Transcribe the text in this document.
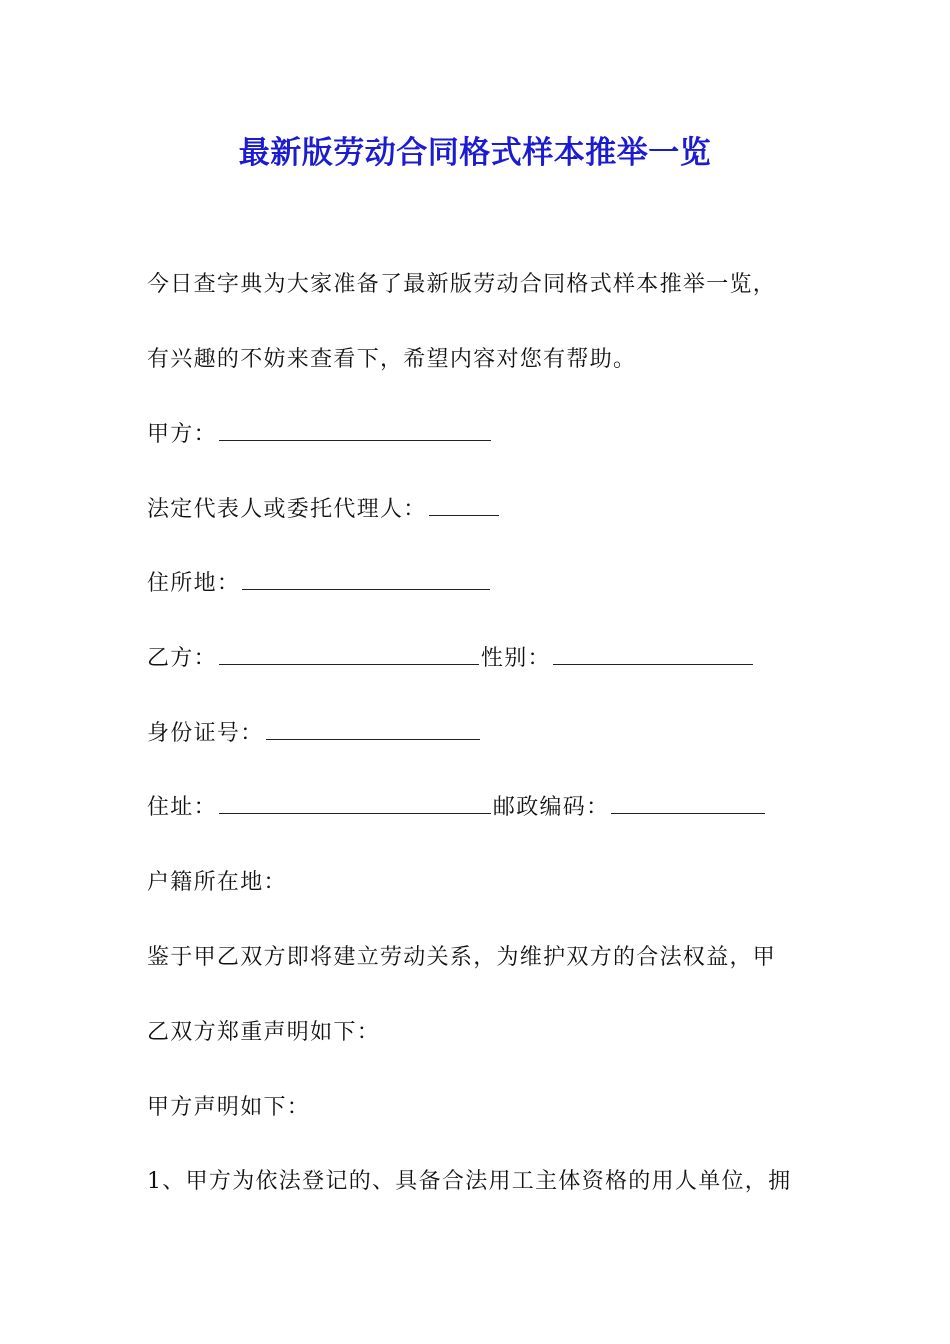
最新版劳动合同格式样本推举一览
今日查字典为大家准备了最新版劳动合同格式样本推举一览，
有兴趣的不妨来查看下，希望内容对您有帮助。
甲方：
法定代表人或委托代理人：
住所地：
乙方：	性别：
身份证号：
住址：	邮政编码：
户籍所在地：
鉴于甲乙双方即将建立劳动关系，为维护双方的合法权益，甲
乙双方郑重声明如下：
甲方声明如下：
1、甲方为依法登记的、具备合法用工主体资格的用人单位，拥
